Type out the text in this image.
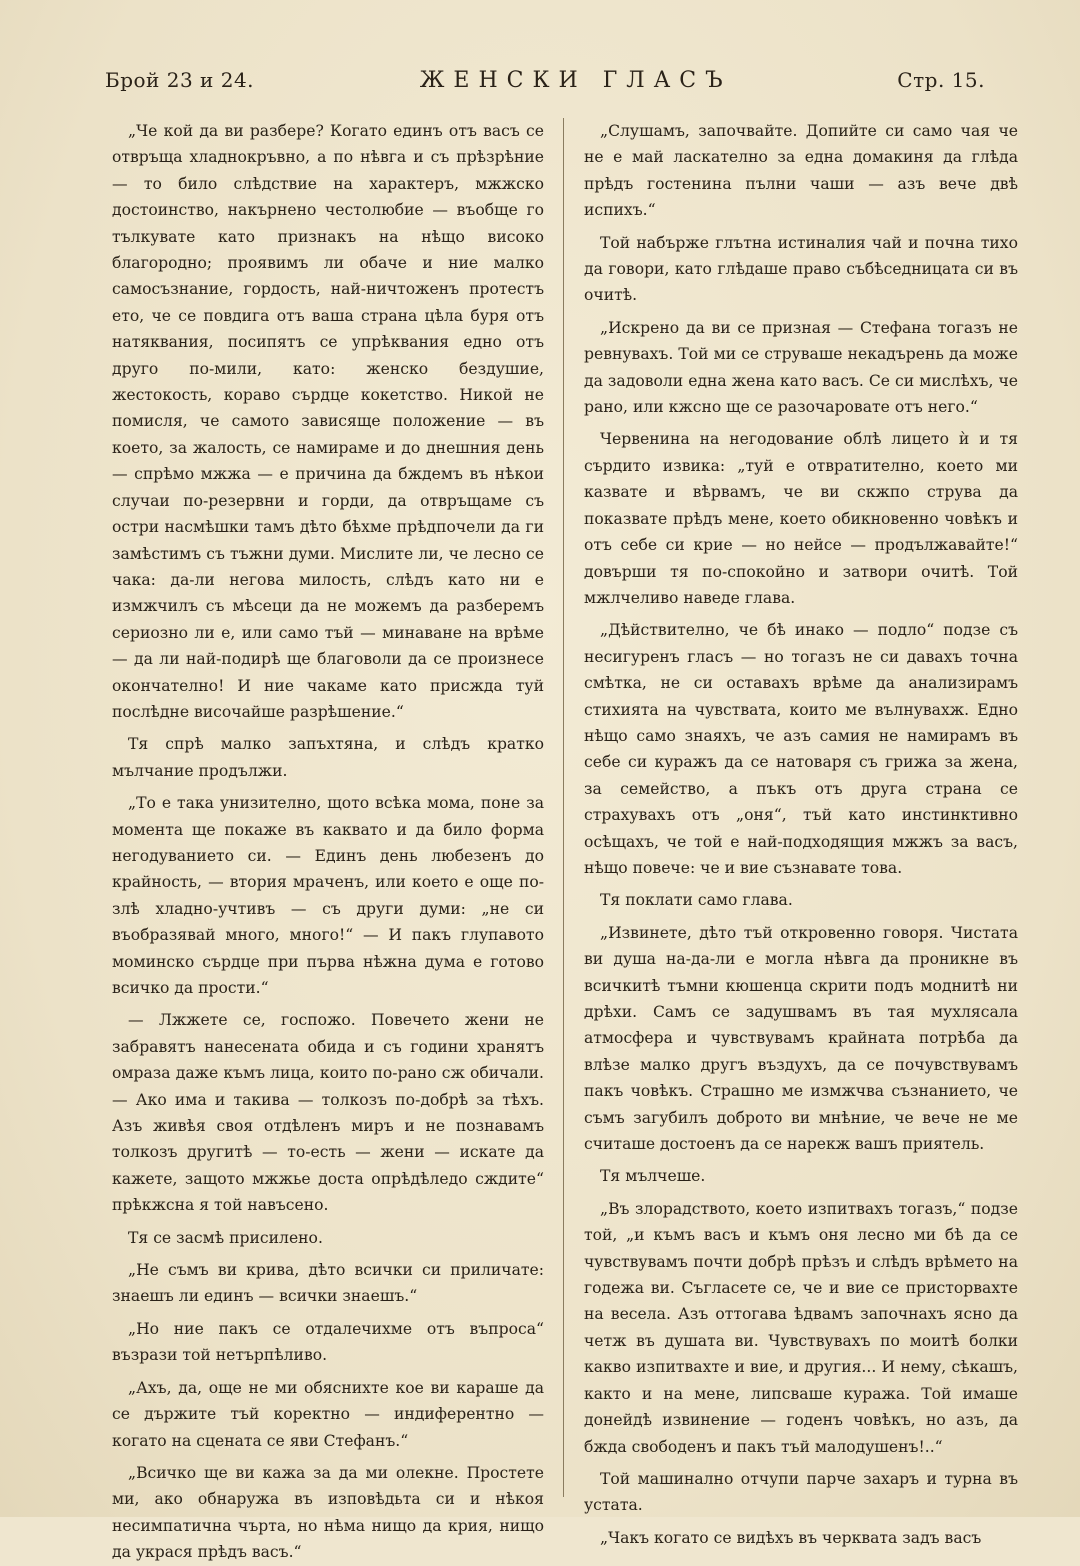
Брой 23 и 24.	ЖЕНСКИ ГЛАСЪ	Стр. 15.

„Че кой да ви разбере? Когато единъ отъ васъ се отвръща хладнокръвно, а по нѣвга и съ прѣзрѣние — то било слѣдствие на характеръ, мжжско достоинство, накърнено честолюбие — въобще го тълкувате като признакъ на нѣщо високо благородно; проявимъ ли обаче и ние малко самосъзнание, гордость, най-ничтоженъ протестъ ето, че се повдига отъ ваша страна цѣла буря отъ натяквания, посипятъ се упрѣквания едно отъ друго по-мили, като: женско бездушие, жестокость, кораво сърдце кокетство. Никой не помисля, че самото зависяще положение — въ което, за жалость, се намираме и до днешния день — спрѣмо мжжа — е причина да бждемъ въ нѣкои случаи по-резервни и горди, да отвръщаме съ остри насмѣшки тамъ дѣто бѣхме прѣдпочели да ги замѣстимъ съ тъжни думи. Мислите ли, че лесно се чака: да-ли негова милость, слѣдъ като ни е измжчилъ съ мѣсеци да не можемъ да разберемъ сериозно ли е, или само тъй — минаване на врѣме — да ли най-подирѣ ще благоволи да се произнесе окончателно! И ние чакаме като присжда туй послѣдне височайше разрѣшение.“

Тя спрѣ малко запъхтяна, и слѣдъ кратко мълчание продължи.

„То е така унизително, щото всѣка мома, поне за момента ще покаже въ каквато и да било форма негодуванието си. — Единъ день любезенъ до крайность, — втория мраченъ, или което е още по-злѣ хладно-учтивъ — съ други думи: „не си въобразявай много, много!“ — И пакъ глупавото моминско сърдце при първа нѣжна дума е готово всичко да прости.“

— Лжжете се, госпожо. Повечето жени не забравятъ нанесената обида и съ години хранятъ омраза даже къмъ лица, които по-рано сж обичали. — Ако има и такива — толкозъ по-добрѣ за тѣхъ. Азъ живѣя своя отдѣленъ миръ и не познавамъ толкозъ другитѣ — то-есть — жени — искате да кажете, защото мжжье доста опрѣдѣледо сждите“ прѣкжсна я той навъсено.

Тя се засмѣ присилено.

„Не съмъ ви крива, дѣто всички си приличате: знаешъ ли единъ — всички знаешъ.“

„Но ние пакъ се отдалечихме отъ въпроса“ възрази той нетърпѣливо.

„Ахъ, да, още не ми обяснихте кое ви караше да се държите тъй коректно — индиферентно — когато на сцената се яви Стефанъ.“

„Всичко ще ви кажа за да ми олекне. Простете ми, ако обнаружа въ изповѣдьта си и нѣкоя несимпатична чърта, но нѣма нищо да крия, нищо да украся прѣдъ васъ.“

„Слушамъ, започвайте. Допийте си само чая че не е май ласкателно за една домакиня да глѣда прѣдъ гостенина пълни чаши — азъ вече двѣ испихъ.“

Той набърже глътна истиналия чай и почна тихо да говори, като глѣдаше право събѣседницата си въ очитѣ.

„Искрено да ви се призная — Стефана тогазъ не ревнувахъ. Той ми се струваше некадърень да може да задоволи една жена като васъ. Се си мислѣхъ, че рано, или кжсно ще се разочаровате отъ него.“

Червенина на негодование облѣ лицето ѝ и тя сърдито извика: „туй е отвратително, което ми казвате и вѣрвамъ, че ви скжпо струва да показвате прѣдъ мене, което обикновенно човѣкъ и отъ себе си крие — но нейсе — продължавайте!“ довърши тя по-спокойно и затвори очитѣ. Той мжлчеливо наведе глава.

„Дѣйствително, че бѣ инако — подло“ подзе съ несигуренъ гласъ — но тогазъ не си давахъ точна смѣтка, не си оставахъ врѣме да анализирамъ стихията на чувствата, които ме вълнувахж. Едно нѣщо само знаяхъ, че азъ самия не намирамъ въ себе си куражъ да се натоваря съ грижа за жена, за семейство, а пъкъ отъ друга страна се страхувахъ отъ „оня“, тъй като инстинктивно осѣщахъ, че той е най-подходящия мжжъ за васъ, нѣщо повече: че и вие съзнавате това.

Тя поклати само глава.

„Извинете, дѣто тъй откровенно говоря. Чистата ви душа на-да-ли е могла нѣвга да проникне въ всичкитѣ тъмни кюшенца скрити подъ моднитѣ ни дрѣхи. Самъ се задушвамъ въ тая мухлясала атмосфера и чувствувамъ крайната потрѣба да влѣзе малко другъ въздухъ, да се почувствувамъ пакъ човѣкъ. Страшно ме измжчва съзнанието, че съмъ загубилъ доброто ви мнѣние, че вече не ме считаше достоенъ да се нарекж вашъ приятель.

Тя мълчеше.

„Въ злорадството, което изпитвахъ тогазъ,“ подзе той, „и къмъ васъ и къмъ оня лесно ми бѣ да се чувствувамъ почти добрѣ прѣзъ и слѣдъ врѣмето на годежа ви. Съгласете се, че и вие се присторвахте на весела. Азъ оттогава ѣдвамъ започнахъ ясно да четж въ душата ви. Чувствувахъ по моитѣ болки какво изпитвахте и вие, и другия... И нему, сѣкашъ, както и на мене, липсваше куража. Той имаше донейдѣ извинение — годенъ човѣкъ, но азъ, да бжда свободенъ и пакъ тъй малодушенъ!..“

Той машинално отчупи парче захаръ и турна въ устата.

„Чакъ когато се видѣхъ въ черквата задъ васъ
